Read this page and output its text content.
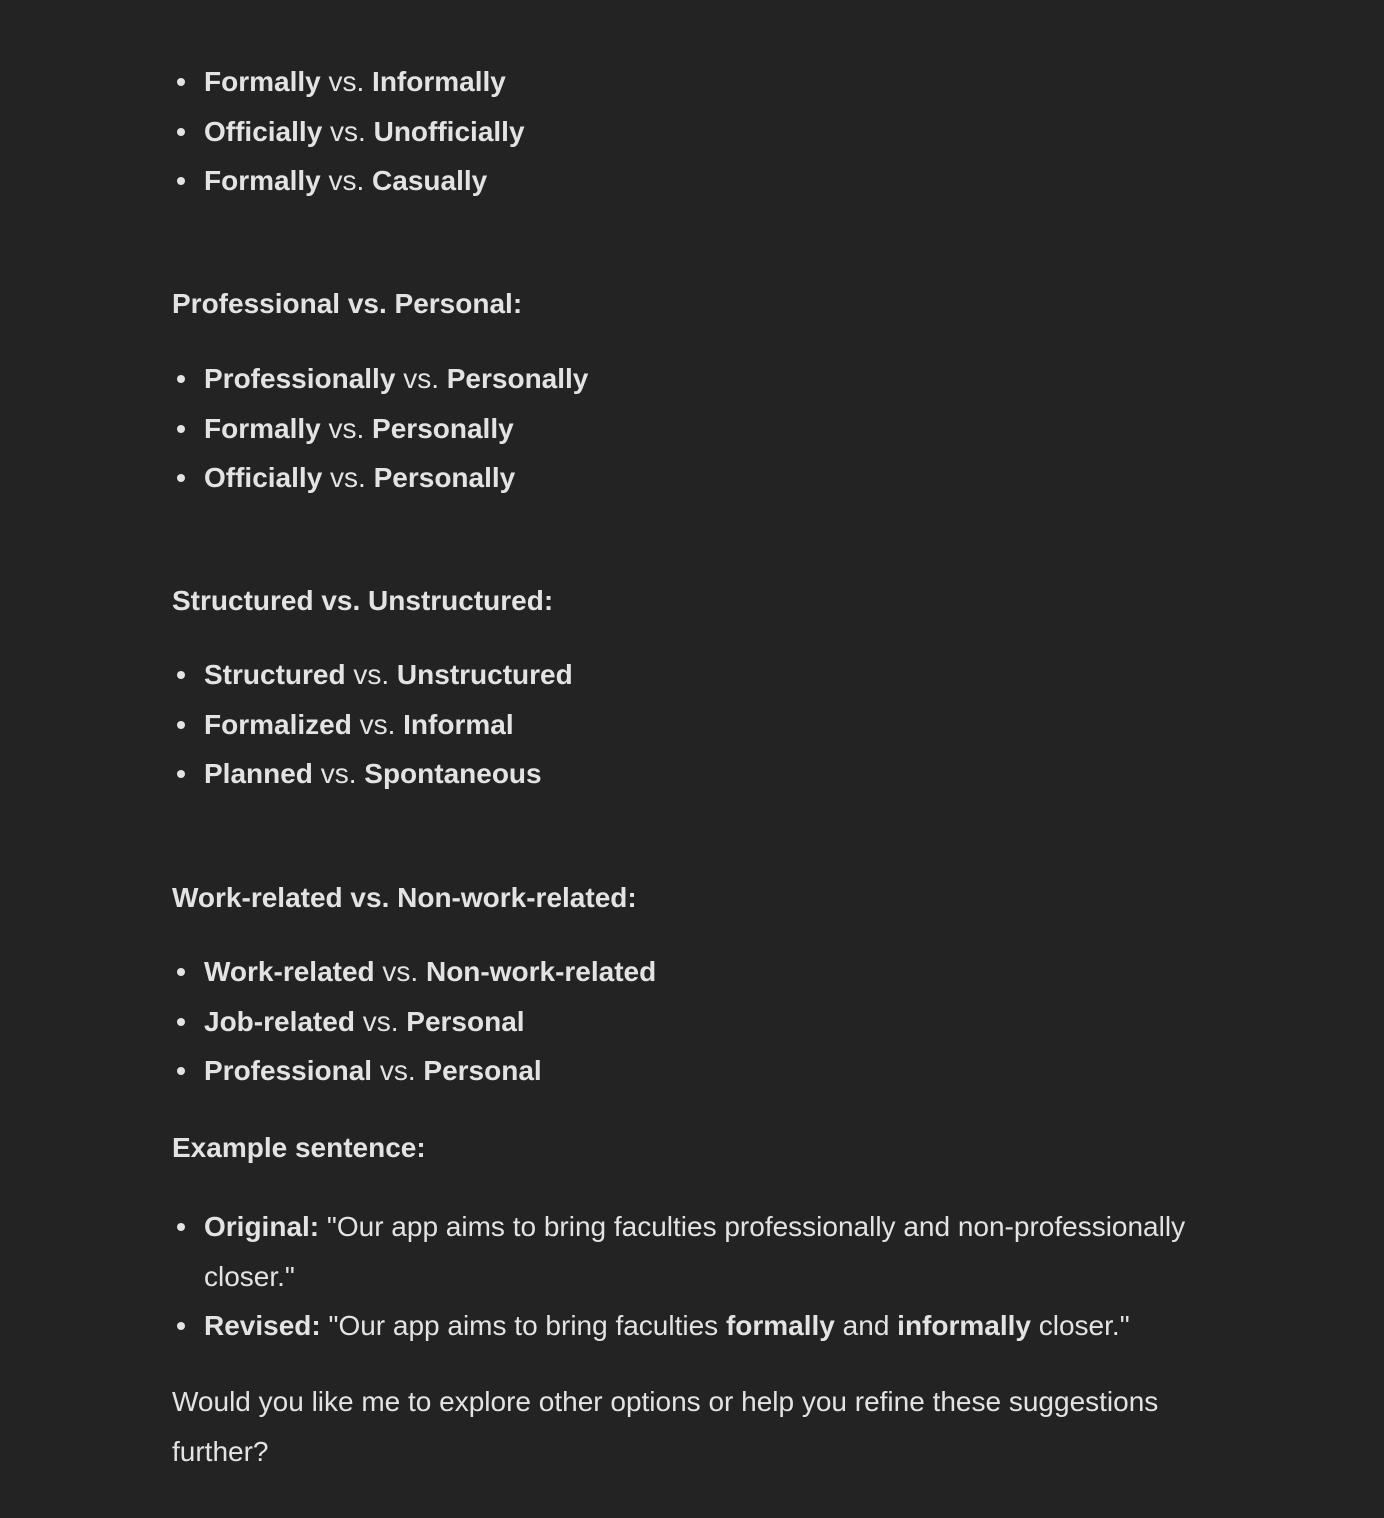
Formally vs. Informally
Officially vs. Unofficially
Formally vs. Casually

Professional vs. Personal:

Professionally vs. Personally
Formally vs. Personally
Officially vs. Personally

Structured vs. Unstructured:

Structured vs. Unstructured
Formalized vs. Informal
Planned vs. Spontaneous

Work-related vs. Non-work-related:

Work-related vs. Non-work-related
Job-related vs. Personal
Professional vs. Personal

Example sentence:

Original: "Our app aims to bring faculties professionally and non-professionally closer."
Revised: "Our app aims to bring faculties formally and informally closer."

Would you like me to explore other options or help you refine these suggestions further?
